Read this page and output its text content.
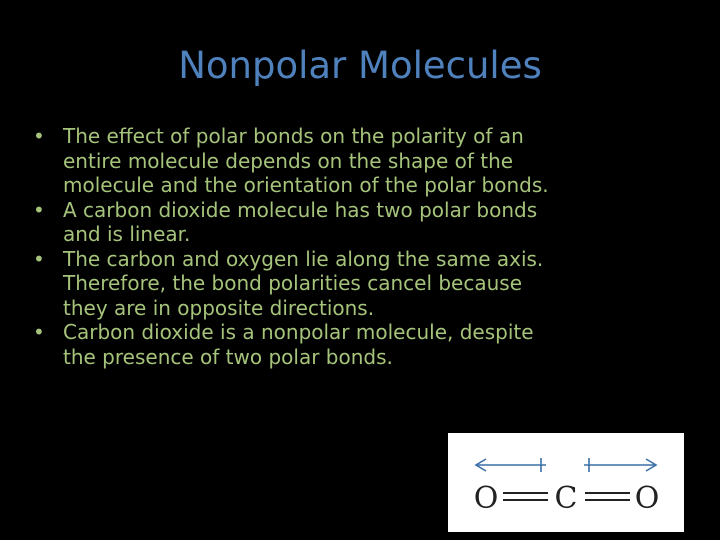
Nonpolar Molecules
• The effect of polar bonds on the polarity of an
entire molecule depends on the shape of the
molecule and the orientation of the polar bonds.
• A carbon dioxide molecule has two polar bonds
and is linear.
• The carbon and oxygen lie along the same axis.
Therefore, the bond polarities cancel because
they are in opposite directions.
• Carbon dioxide is a nonpolar molecule, despite
the presence of two polar bonds.
O C O
